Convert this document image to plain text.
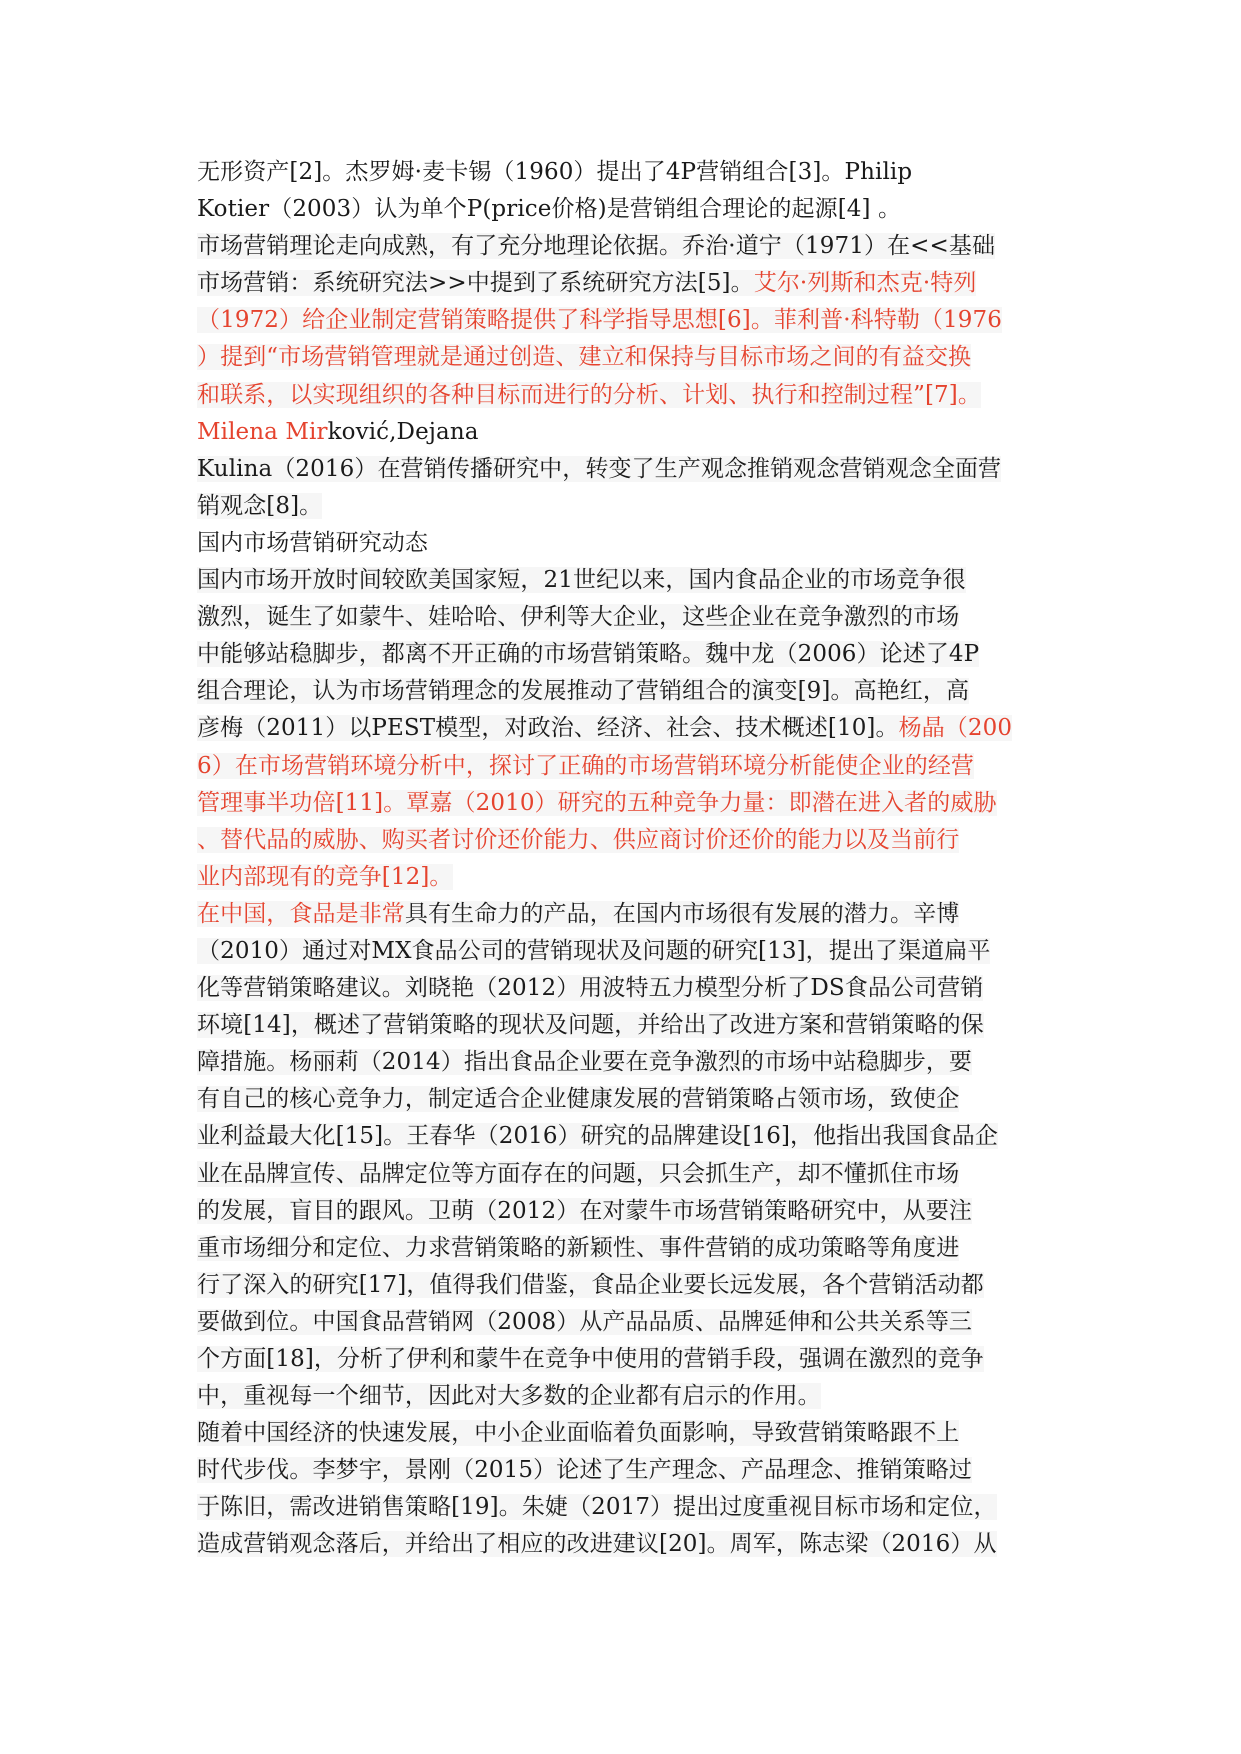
无形资产[2]。杰罗姆·麦卡锡（1960）提出了4P营销组合[3]。Philip
Kotier（2003）认为单个P(price价格)是营销组合理论的起源[4] 。
市场营销理论走向成熟，有了充分地理论依据。乔治·道宁（1971）在<<基础
市场营销：系统研究法>>中提到了系统研究方法[5]。艾尔·列斯和杰克·特列
（1972）给企业制定营销策略提供了科学指导思想[6]。菲利普·科特勒（1976
）提到“市场营销管理就是通过创造、建立和保持与目标市场之间的有益交换
和联系，以实现组织的各种目标而进行的分析、计划、执行和控制过程”[7]。
Milena Mirković,Dejana
Kulina（2016）在营销传播研究中，转变了生产观念推销观念营销观念全面营
销观念[8]。
国内市场营销研究动态
国内市场开放时间较欧美国家短，21世纪以来，国内食品企业的市场竞争很
激烈，诞生了如蒙牛、娃哈哈、伊利等大企业，这些企业在竞争激烈的市场
中能够站稳脚步，都离不开正确的市场营销策略。魏中龙（2006）论述了4P
组合理论，认为市场营销理念的发展推动了营销组合的演变[9]。高艳红，高
彦梅（2011）以PEST模型，对政治、经济、社会、技术概述[10]。杨晶（200
6）在市场营销环境分析中，探讨了正确的市场营销环境分析能使企业的经营
管理事半功倍[11]。覃嘉（2010）研究的五种竞争力量：即潜在进入者的威胁
、替代品的威胁、购买者讨价还价能力、供应商讨价还价的能力以及当前行
业内部现有的竞争[12]。
在中国，食品是非常具有生命力的产品，在国内市场很有发展的潜力。辛博
（2010）通过对MX食品公司的营销现状及问题的研究[13]，提出了渠道扁平
化等营销策略建议。刘晓艳（2012）用波特五力模型分析了DS食品公司营销
环境[14]，概述了营销策略的现状及问题，并给出了改进方案和营销策略的保
障措施。杨丽莉（2014）指出食品企业要在竞争激烈的市场中站稳脚步，要
有自己的核心竞争力，制定适合企业健康发展的营销策略占领市场，致使企
业利益最大化[15]。王春华（2016）研究的品牌建设[16]，他指出我国食品企
业在品牌宣传、品牌定位等方面存在的问题，只会抓生产，却不懂抓住市场
的发展，盲目的跟风。卫萌（2012）在对蒙牛市场营销策略研究中，从要注
重市场细分和定位、力求营销策略的新颖性、事件营销的成功策略等角度进
行了深入的研究[17]，值得我们借鉴，食品企业要长远发展，各个营销活动都
要做到位。中国食品营销网（2008）从产品品质、品牌延伸和公共关系等三
个方面[18]，分析了伊利和蒙牛在竞争中使用的营销手段，强调在激烈的竞争
中，重视每一个细节，因此对大多数的企业都有启示的作用。
随着中国经济的快速发展，中小企业面临着负面影响，导致营销策略跟不上
时代步伐。李梦宇，景刚（2015）论述了生产理念、产品理念、推销策略过
于陈旧，需改进销售策略[19]。朱婕（2017）提出过度重视目标市场和定位，
造成营销观念落后，并给出了相应的改进建议[20]。周军，陈志梁（2016）从
